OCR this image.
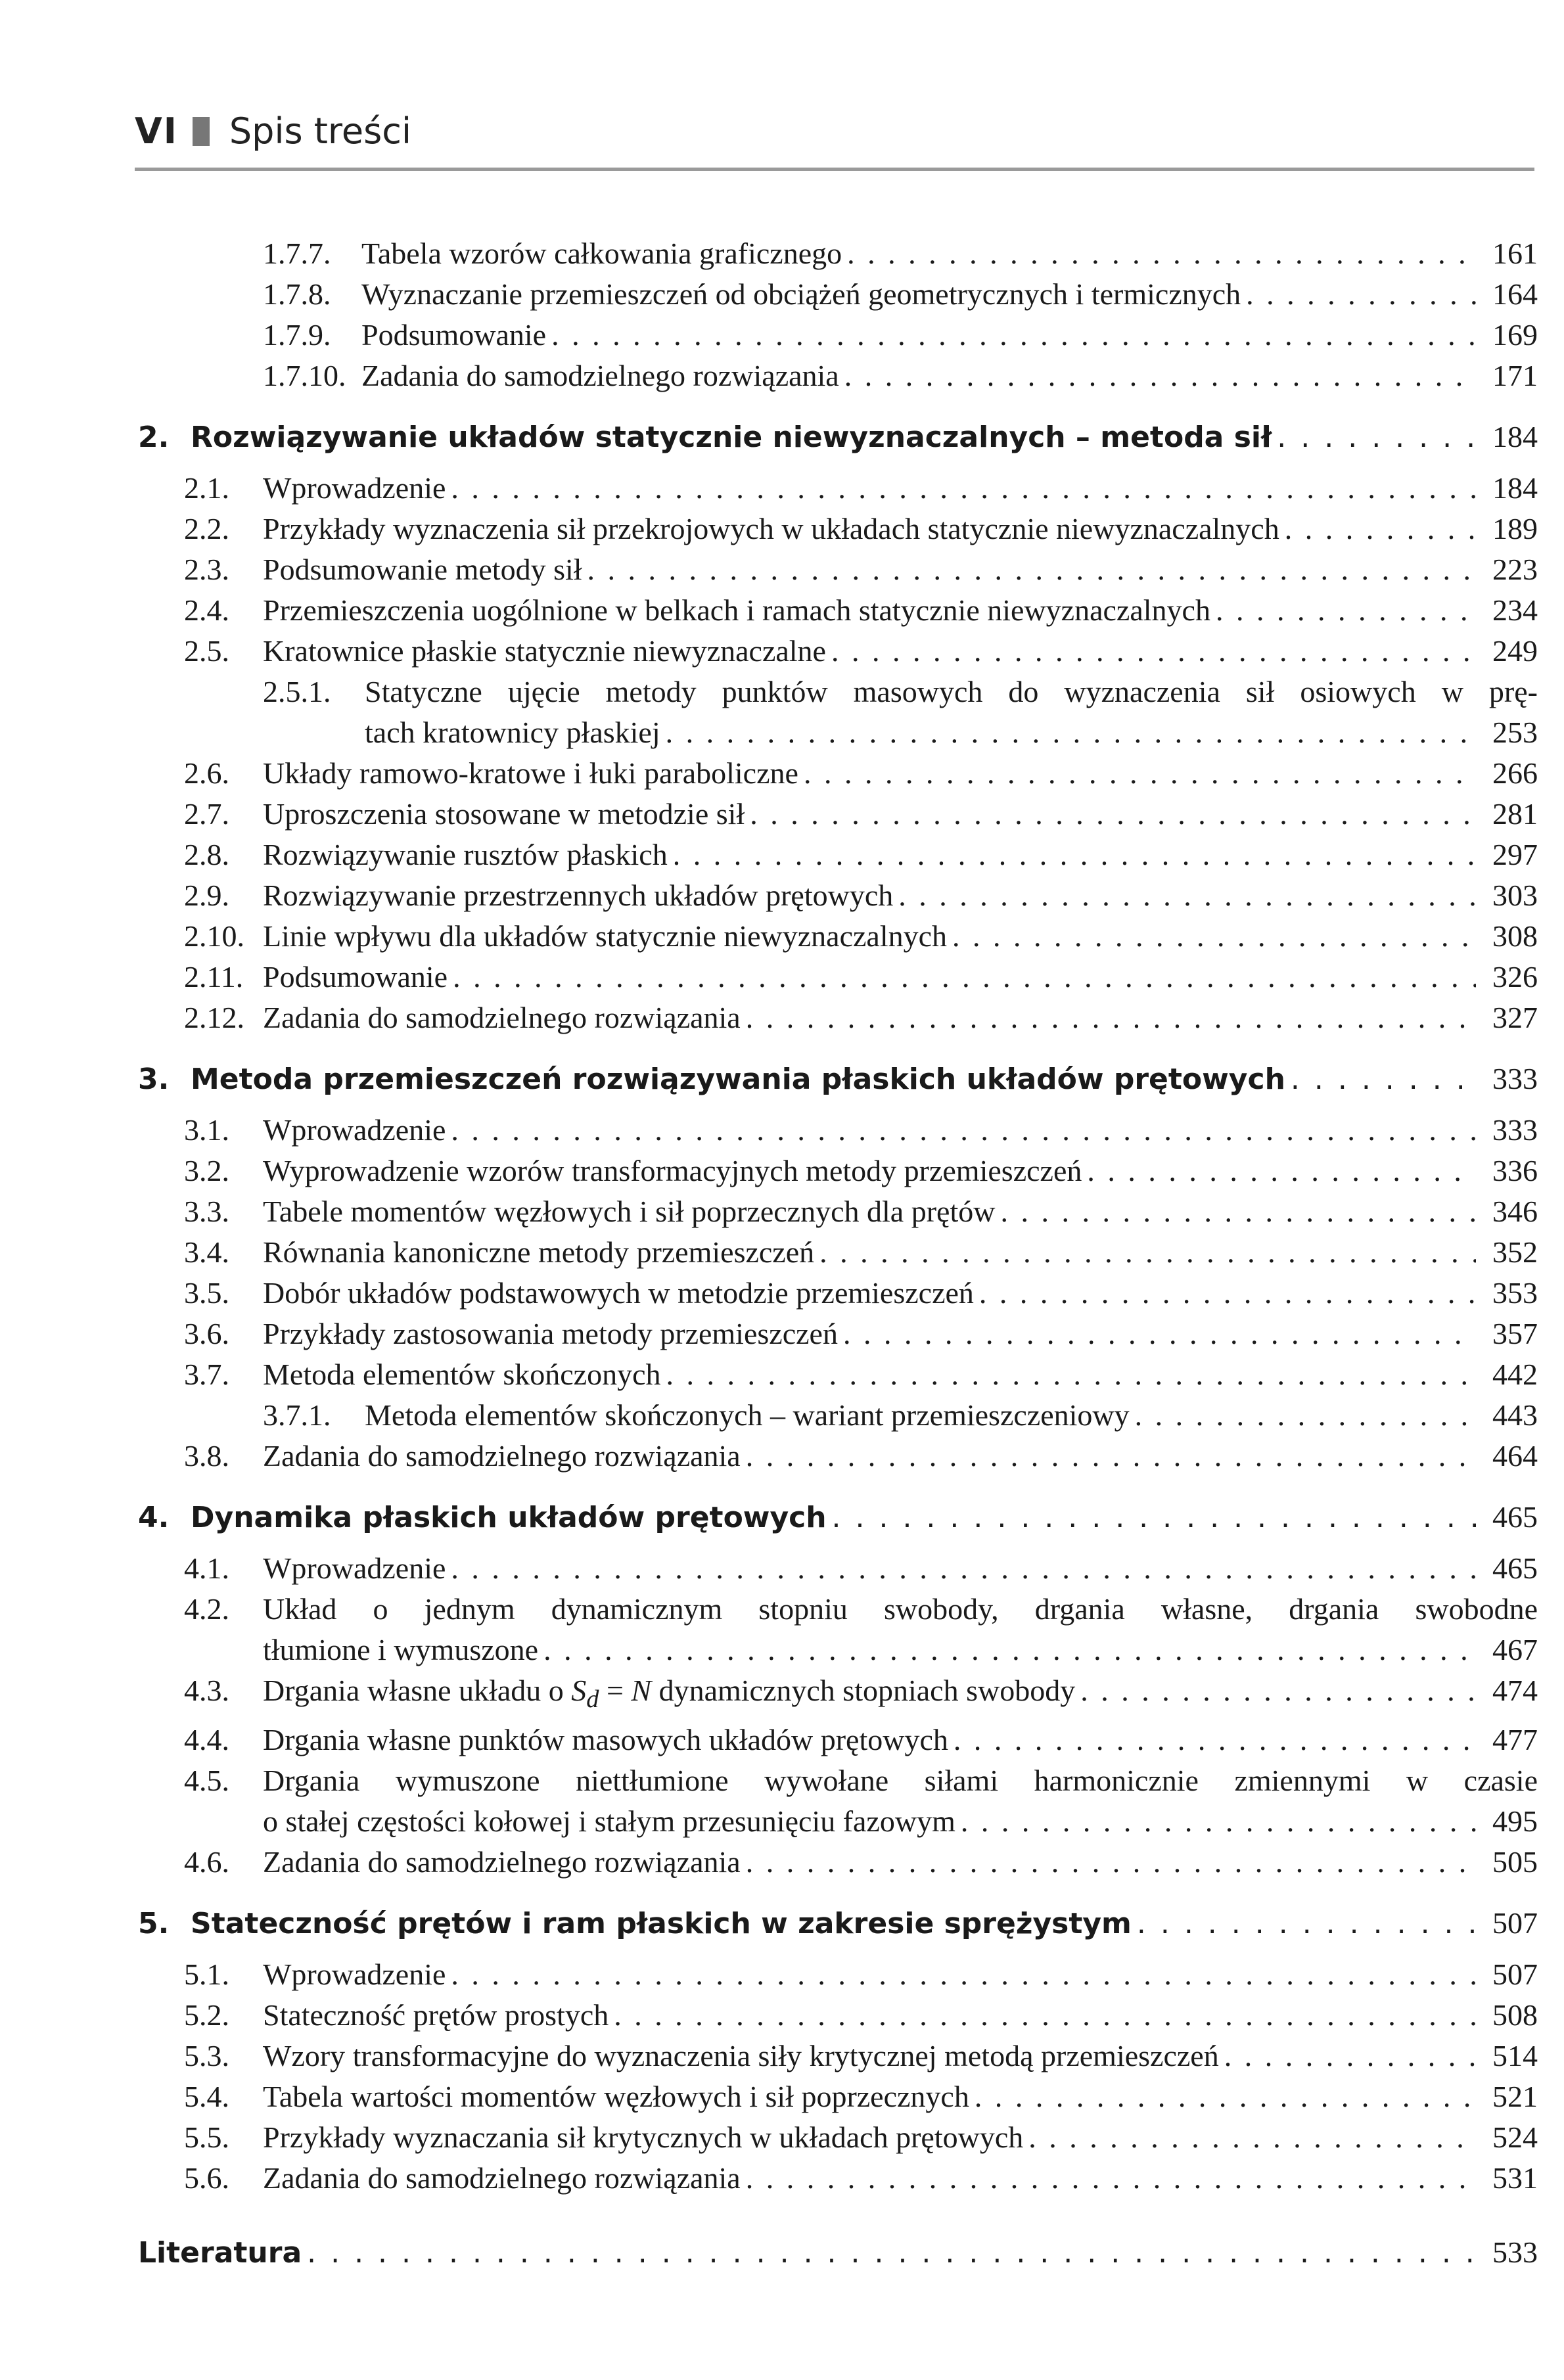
VI Spis treści
1.7.7.	Tabela wzorów całkowania graficznego . . .	161
1.7.8.	Wyznaczanie przemieszczeń od obciążeń geometrycznych i termicznych . . .	164
1.7.9.	Podsumowanie . . .	169
1.7.10. Zadania do samodzielnego rozwiązania . . .	171
2. Rozwiązywanie układów statycznie niewyznaczalnych – metoda sił . . .	184
2.1.	Wprowadzenie . . .	184
2.2.	Przykłady wyznaczenia sił przekrojowych w układach statycznie niewyznaczalnych . . .	189
2.3.	Podsumowanie metody sił . . .	223
2.4.	Przemieszczenia uogólnione w belkach i ramach statycznie niewyznaczalnych . . .	234
2.5.	Kratownice płaskie statycznie niewyznaczalne . . .	249
2.5.1.	Statyczne ujęcie metody punktów masowych do wyznaczenia sił osiowych w prę-
tach kratownicy płaskiej . . .	253
2.6.	Układy ramowo-kratowe i łuki paraboliczne . . .	266
2.7.	Uproszczenia stosowane w metodzie sił . . .	281
2.8.	Rozwiązywanie rusztów płaskich . . .	297
2.9.	Rozwiązywanie przestrzennych układów prętowych . . .	303
2.10. Linie wpływu dla układów statycznie niewyznaczalnych . . .	308
2.11. Podsumowanie . . .	326
2.12. Zadania do samodzielnego rozwiązania . . .	327
3. Metoda przemieszczeń rozwiązywania płaskich układów prętowych . . .	333
3.1.	Wprowadzenie . . .	333
3.2.	Wyprowadzenie wzorów transformacyjnych metody przemieszczeń . . .	336
3.3.	Tabele momentów węzłowych i sił poprzecznych dla prętów . . .	346
3.4.	Równania kanoniczne metody przemieszczeń . . .	352
3.5.	Dobór układów podstawowych w metodzie przemieszczeń . . .	353
3.6.	Przykłady zastosowania metody przemieszczeń . . .	357
3.7.	Metoda elementów skończonych . . .	442
3.7.1.	Metoda elementów skończonych – wariant przemieszczeniowy . . .	443
3.8.	Zadania do samodzielnego rozwiązania . . .	464
4. Dynamika płaskich układów prętowych . . .	465
4.1.	Wprowadzenie . . .	465
4.2.	Układ o jednym dynamicznym stopniu swobody, drgania własne, drgania swobodne
tłumione i wymuszone . . .	467
4.3.	Drgania własne układu o $S_d = N$ dynamicznych stopniach swobody . . .	474
4.4.	Drgania własne punktów masowych układów prętowych . . .	477
4.5.	Drgania wymuszone niettłumione wywołane siłami harmonicznie zmiennymi w czasie
o stałej częstości kołowej i stałym przesunięciu fazowym . . .	495
4.6.	Zadania do samodzielnego rozwiązania . . .	505
5. Stateczność prętów i ram płaskich w zakresie sprężystym . . .	507
5.1.	Wprowadzenie . . .	507
5.2.	Stateczność prętów prostych . . .	508
5.3.	Wzory transformacyjne do wyznaczenia siły krytycznej metodą przemieszczeń . . .	514
5.4.	Tabela wartości momentów węzłowych i sił poprzecznych . . .	521
5.5.	Przykłady wyznaczania sił krytycznych w układach prętowych . . .	524
5.6.	Zadania do samodzielnego rozwiązania . . .	531
Literatura . . .	533
